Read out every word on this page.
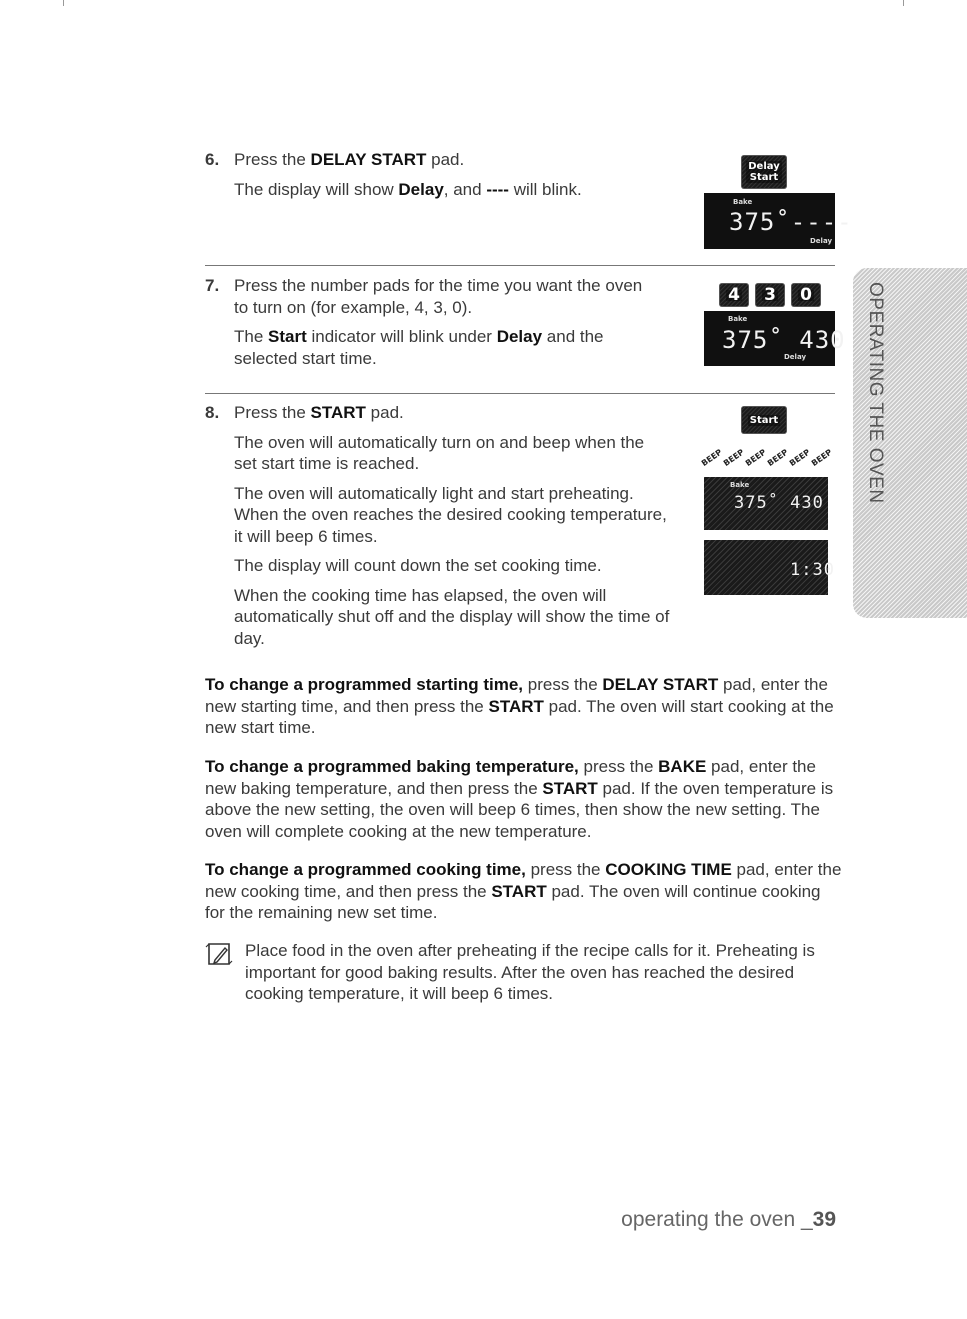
6. Press the DELAY START pad.

The display will show Delay, and ---- will blink.

7. Press the number pads for the time you want the oven to turn on (for example, 4, 3, 0).

The Start indicator will blink under Delay and the selected start time.

8. Press the START pad.

The oven will automatically turn on and beep when the set start time is reached.

The oven will automatically light and start preheating. When the oven reaches the desired cooking temperature, it will beep 6 times.

The display will count down the set cooking time.

When the cooking time has elapsed, the oven will automatically shut off and the display will show the time of day.

Delay
Start
Bake
375˚----
Delay
4 3 0
Bake
375˚ 430
Delay
Start
BEEP
BEEP
BEEP
BEEP
BEEP
BEEP
Bake
375˚ 430
1:30

To change a programmed starting time, press the DELAY START pad, enter the new starting time, and then press the START pad. The oven will start cooking at the new start time.

To change a programmed baking temperature, press the BAKE pad, enter the new baking temperature, and then press the START pad. If the oven temperature is above the new setting, the oven will beep 6 times, then show the new setting. The oven will complete cooking at the new temperature.

To change a programmed cooking time, press the COOKING TIME pad, enter the new cooking time, and then press the START pad. The oven will continue cooking for the remaining new set time.

Place food in the oven after preheating if the recipe calls for it. Preheating is important for good baking results. After the oven has reached the desired cooking temperature, it will beep 6 times.
OPERATING THE OVEN
operating the oven _39
